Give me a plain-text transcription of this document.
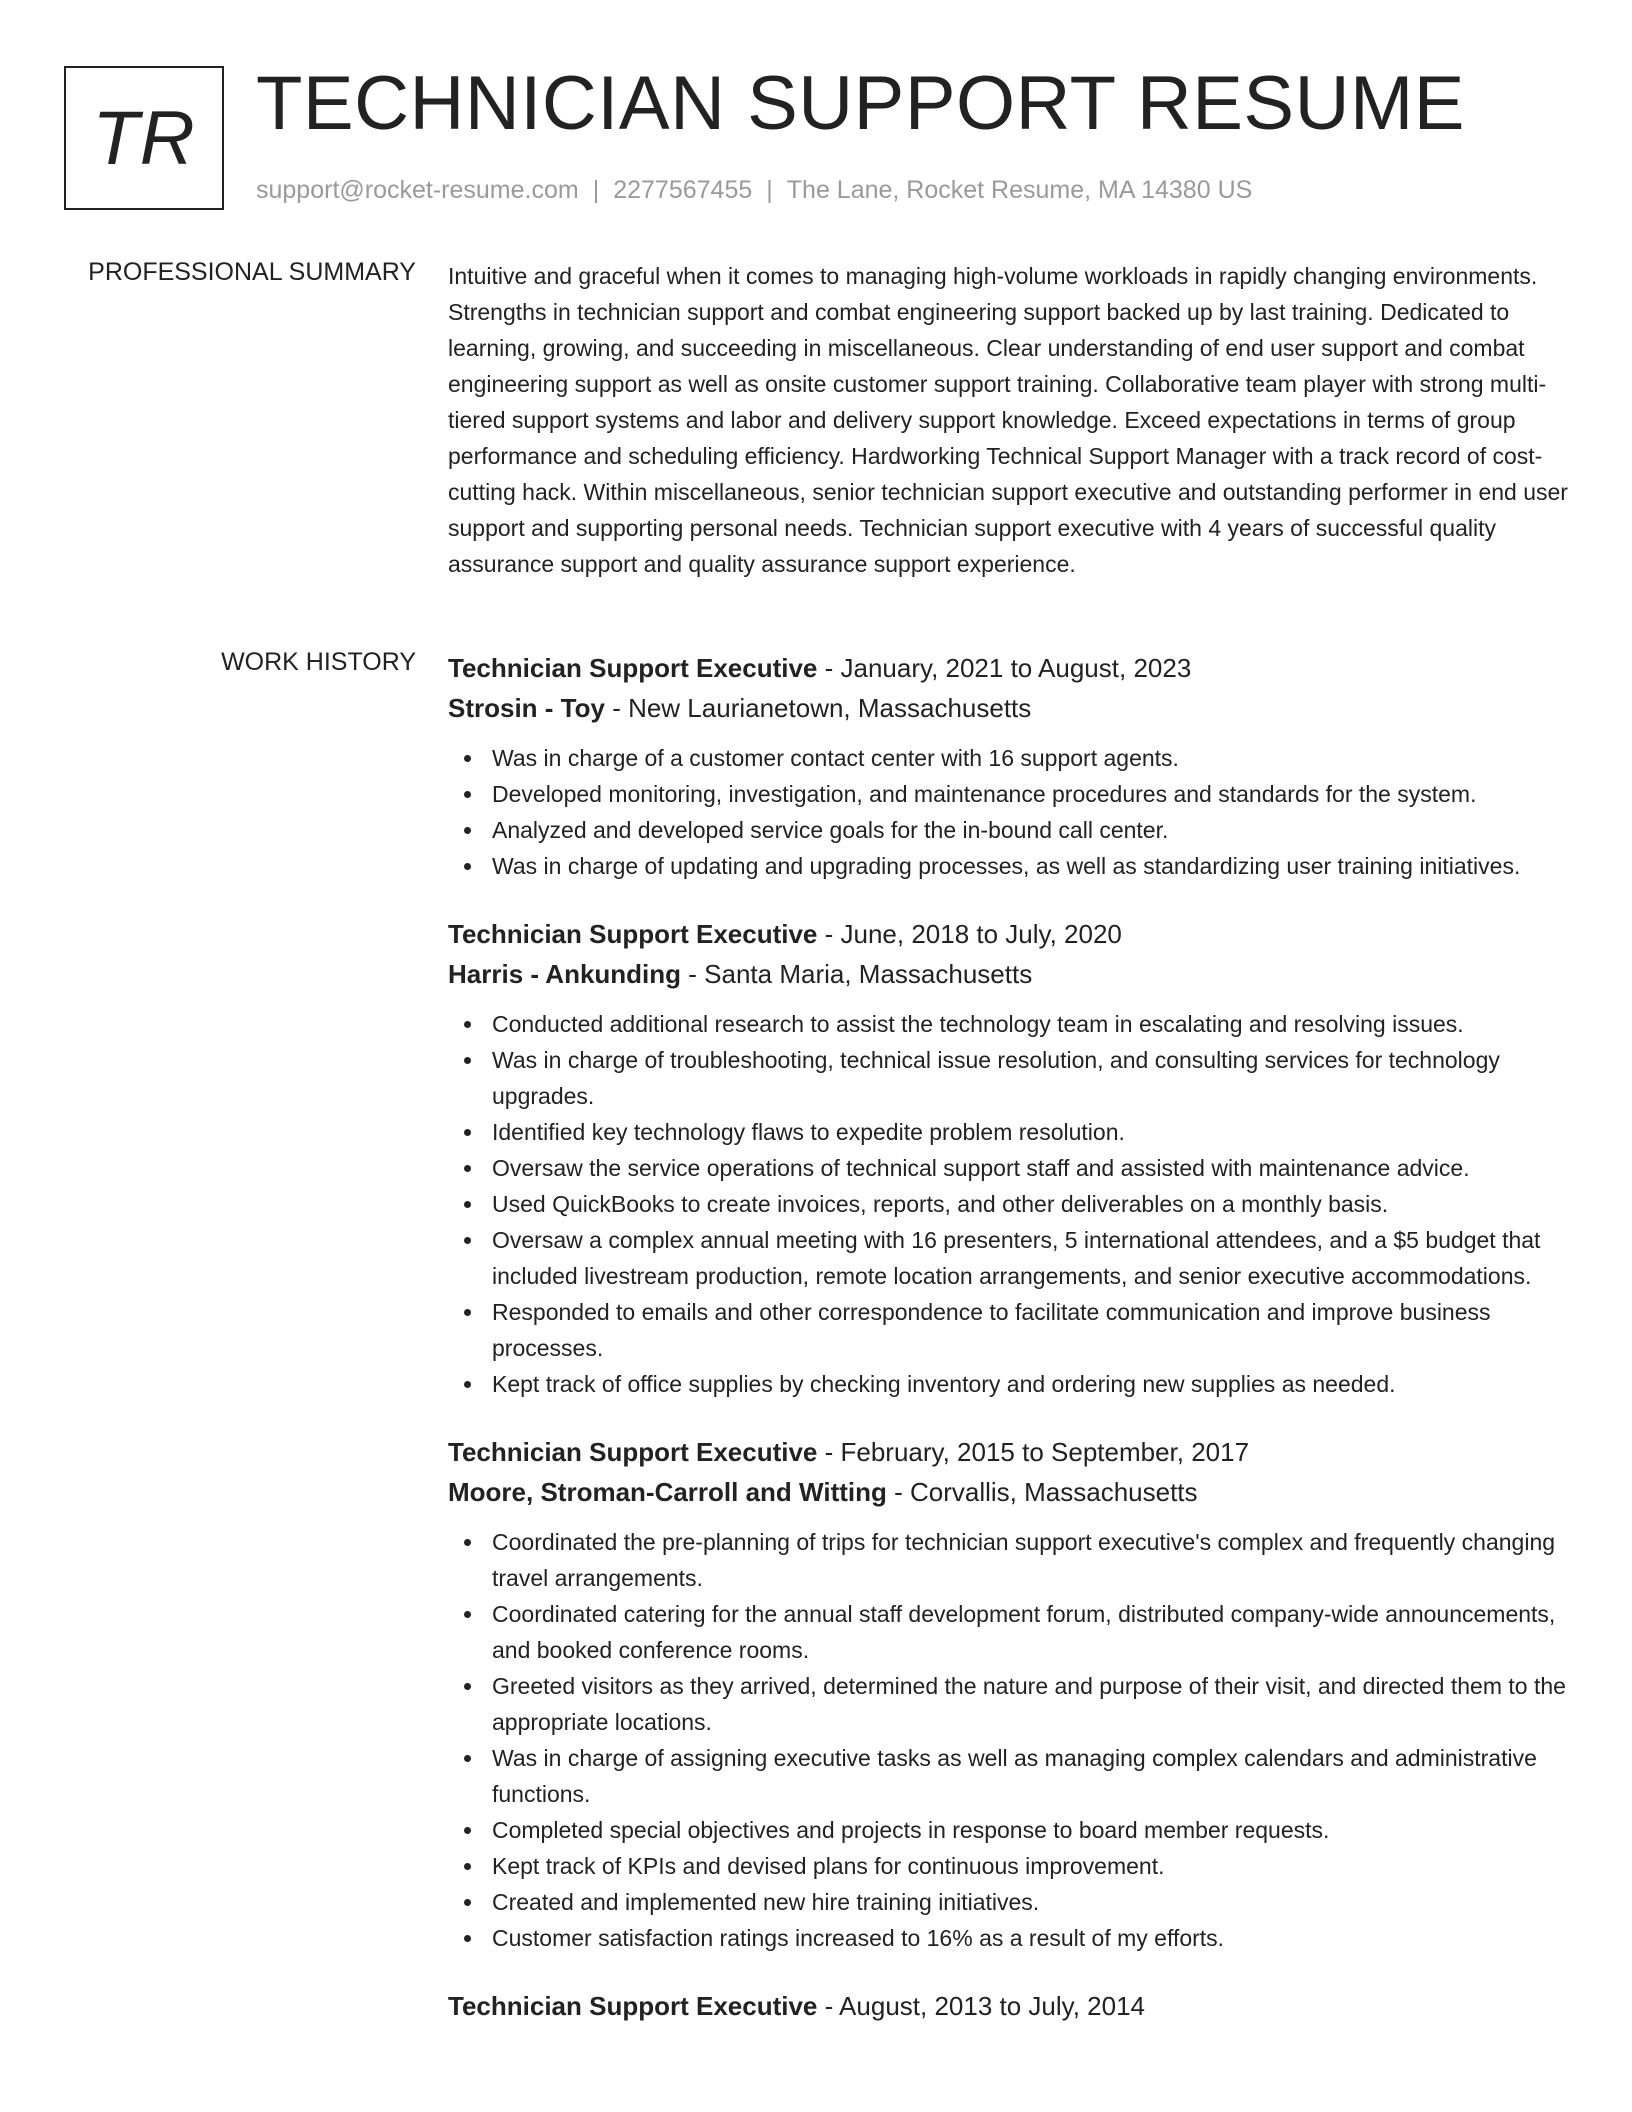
TR TECHNICIAN SUPPORT RESUME
support@rocket-resume.com | 2277567455 | The Lane, Rocket Resume, MA 14380 US
PROFESSIONAL SUMMARY Intuitive and graceful when it comes to managing high-volume workloads in rapidly changing environments. Strengths in technician support and combat engineering support backed up by last training. Dedicated to learning, growing, and succeeding in miscellaneous. Clear understanding of end user support and combat engineering support as well as onsite customer support training. Collaborative team player with strong multi-tiered support systems and labor and delivery support knowledge. Exceed expectations in terms of group performance and scheduling efficiency. Hardworking Technical Support Manager with a track record of cost-cutting hack. Within miscellaneous, senior technician support executive and outstanding performer in end user support and supporting personal needs. Technician support executive with 4 years of successful quality assurance support and quality assurance support experience.

WORK HISTORY Technician Support Executive - January, 2021 to August, 2023
Strosin - Toy - New Laurianetown, Massachusetts
Was in charge of a customer contact center with 16 support agents.
Developed monitoring, investigation, and maintenance procedures and standards for the system.
Analyzed and developed service goals for the in-bound call center.
Was in charge of updating and upgrading processes, as well as standardizing user training initiatives.
Technician Support Executive - June, 2018 to July, 2020
Harris - Ankunding - Santa Maria, Massachusetts
Conducted additional research to assist the technology team in escalating and resolving issues.
Was in charge of troubleshooting, technical issue resolution, and consulting services for technology upgrades.
Identified key technology flaws to expedite problem resolution.
Oversaw the service operations of technical support staff and assisted with maintenance advice.
Used QuickBooks to create invoices, reports, and other deliverables on a monthly basis.
Oversaw a complex annual meeting with 16 presenters, 5 international attendees, and a $5 budget that included livestream production, remote location arrangements, and senior executive accommodations.
Responded to emails and other correspondence to facilitate communication and improve business processes.
Kept track of office supplies by checking inventory and ordering new supplies as needed.
Technician Support Executive - February, 2015 to September, 2017
Moore, Stroman-Carroll and Witting - Corvallis, Massachusetts
Coordinated the pre-planning of trips for technician support executive's complex and frequently changing travel arrangements.
Coordinated catering for the annual staff development forum, distributed company-wide announcements, and booked conference rooms.
Greeted visitors as they arrived, determined the nature and purpose of their visit, and directed them to the appropriate locations.
Was in charge of assigning executive tasks as well as managing complex calendars and administrative functions.
Completed special objectives and projects in response to board member requests.
Kept track of KPIs and devised plans for continuous improvement.
Created and implemented new hire training initiatives.
Customer satisfaction ratings increased to 16% as a result of my efforts.
Technician Support Executive - August, 2013 to July, 2014
